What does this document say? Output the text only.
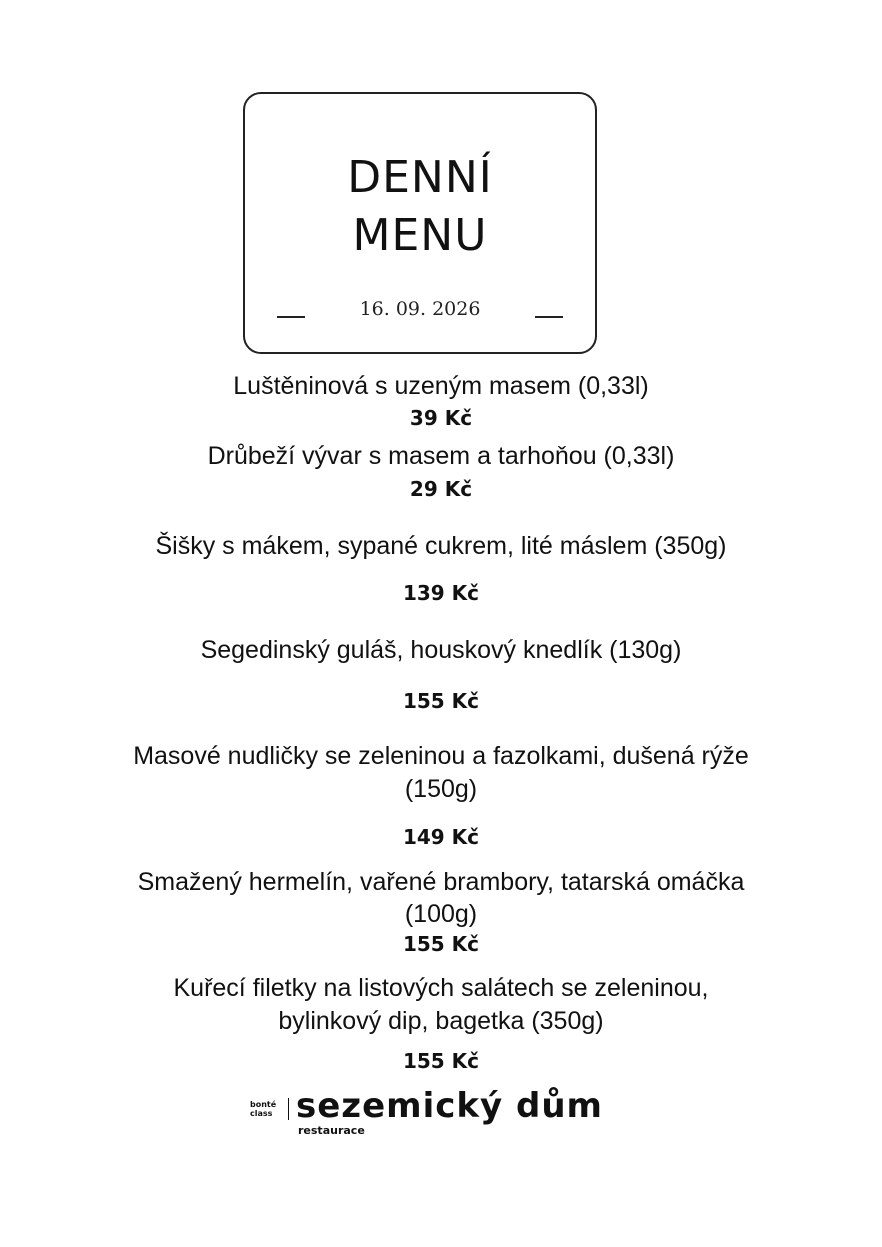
DENNÍ
MENU
16. 09. 2026
Luštěninová s uzeným masem (0,33l)
39 Kč
Drůbeží vývar s masem a tarhoňou (0,33l)
29 Kč
Šišky s mákem, sypané cukrem, lité máslem (350g)
139 Kč
Segedinský guláš, houskový knedlík (130g)
155 Kč
Masové nudličky se zeleninou a fazolkami, dušená rýže
(150g)
149 Kč
Smažený hermelín, vařené brambory, tatarská omáčka
(100g)
155 Kč
Kuřecí filetky na listových salátech se zeleninou,
bylinkový dip, bagetka (350g)
155 Kč
bonté
class sezemický dům
restaurace
